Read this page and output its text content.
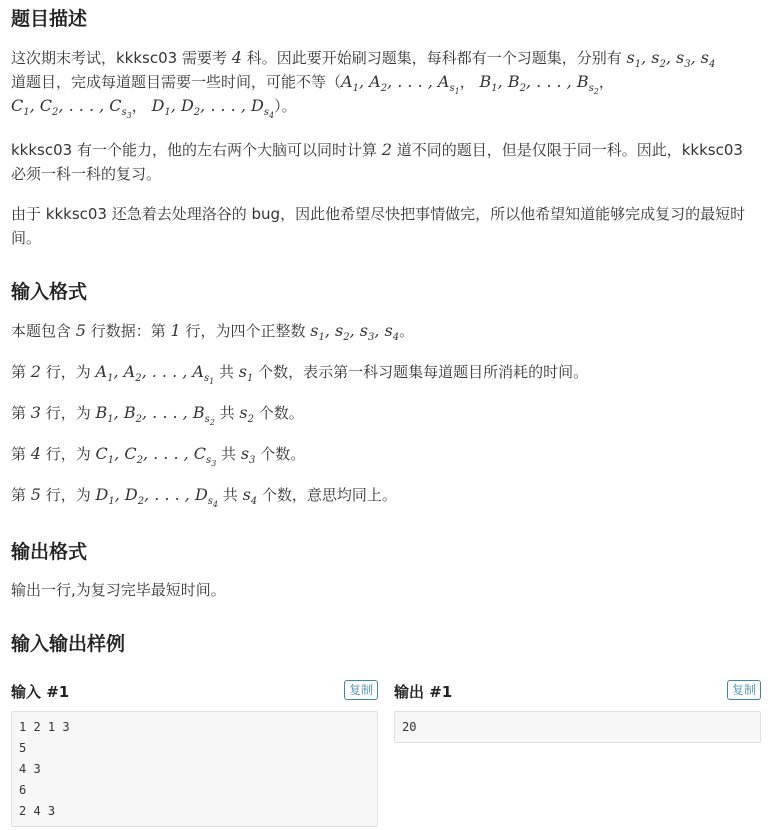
题目描述

这次期末考试，kkksc03 需要考 4 科。因此要开始刷习题集，每科都有一个习题集，分别有 $s_1$, $s_2$, $s_3$, $s_4$
道题目，完成每道题目需要一些时间，可能不等（$A_1$, $A_2$, . . . , $A_{s_1}$， $B_1$, $B_2$, . . . , $B_{s_2}$，
$C_1$, $C_2$, . . . , $C_{s_3}$， $D_1$, $D_2$, . . . , $D_{s_4}$）。

kkksc03 有一个能力，他的左右两个大脑可以同时计算 2 道不同的题目，但是仅限于同一科。因此，kkksc03 必须一科一科的复习。

由于 kkksc03 还急着去处理洛谷的 bug，因此他希望尽快把事情做完，所以他希望知道能够完成复习的最短时间。

输入格式

本题包含 5 行数据：第 1 行，为四个正整数 $s_1$, $s_2$, $s_3$, $s_4$。

第 2 行，为 $A_1$, $A_2$, . . . , $A_{s_1}$ 共 $s_1$ 个数，表示第一科习题集每道题目所消耗的时间。

第 3 行，为 $B_1$, $B_2$, . . . , $B_{s_2}$ 共 $s_2$ 个数。

第 4 行，为 $C_1$, $C_2$, . . . , $C_{s_3}$ 共 $s_3$ 个数。

第 5 行，为 $D_1$, $D_2$, . . . , $D_{s_4}$ 共 $s_4$ 个数，意思均同上。

输出格式

输出一行,为复习完毕最短时间。

输入输出样例
输入 #1	复制
1 2 1 3
5
4 3
6
2 4 3
输出 #1	复制
20
